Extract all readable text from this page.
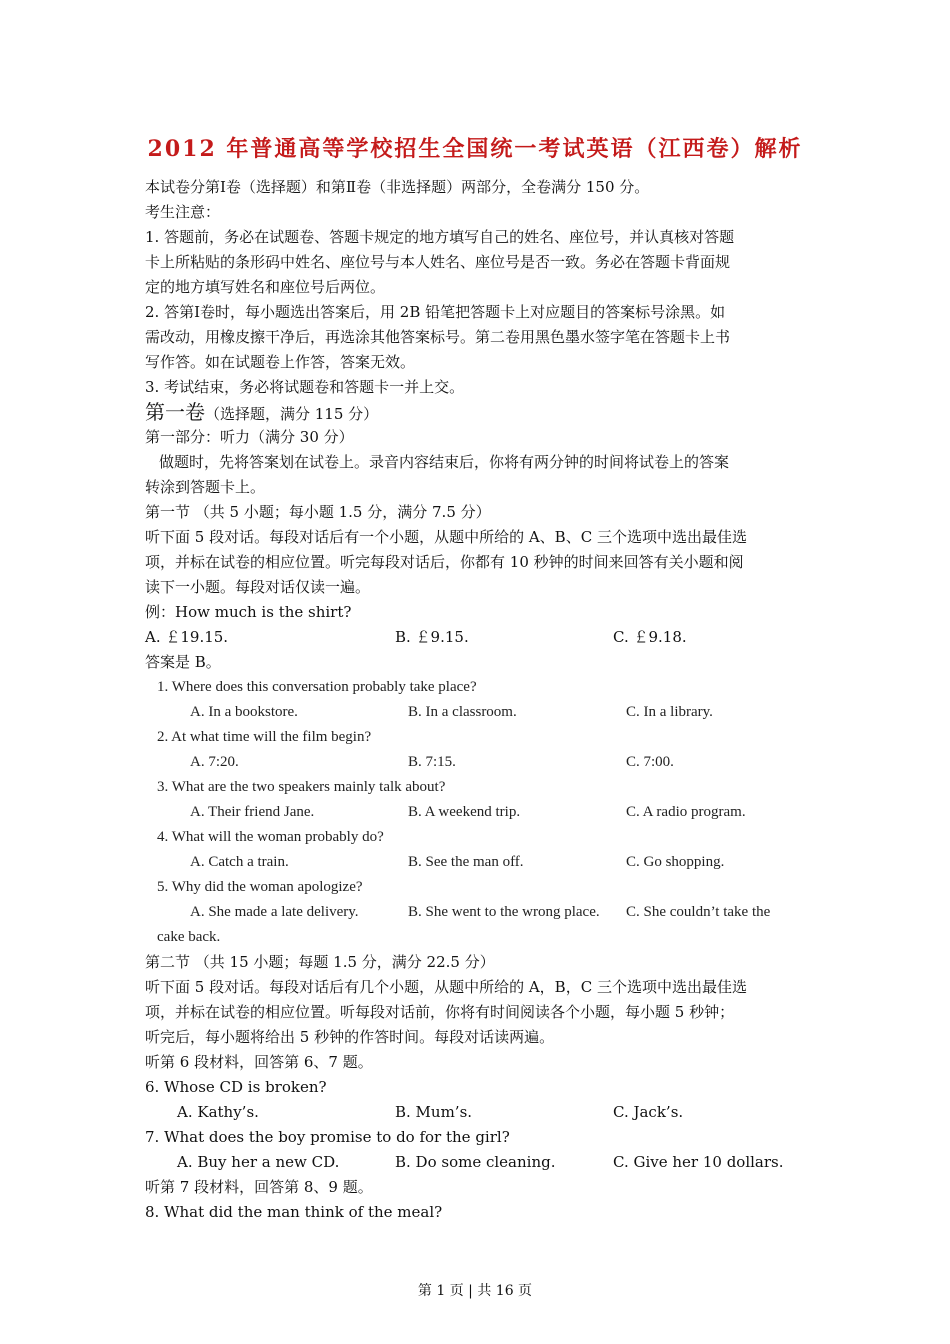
2012 年普通高等学校招生全国统一考试英语（江西卷）解析
本试卷分第Ⅰ卷（选择题）和第Ⅱ卷（非选择题）两部分，全卷满分 150 分。
考生注意：
1. 答题前，务必在试题卷、答题卡规定的地方填写自己的姓名、座位号，并认真核对答题
卡上所粘贴的条形码中姓名、座位号与本人姓名、座位号是否一致。务必在答题卡背面规
定的地方填写姓名和座位号后两位。
2. 答第Ⅰ卷时，每小题选出答案后，用 2B 铅笔把答题卡上对应题目的答案标号涂黑。如
需改动，用橡皮擦干净后，再选涂其他答案标号。第二卷用黑色墨水签字笔在答题卡上书
写作答。如在试题卷上作答，答案无效。
3. 考试结束，务必将试题卷和答题卡一并上交。
第一卷（选择题，满分 115 分）
第一部分：听力（满分 30 分）
做题时，先将答案划在试卷上。录音内容结束后，你将有两分钟的时间将试卷上的答案
转涂到答题卡上。
第一节 （共 5 小题；每小题 1.5 分，满分 7.5 分）
听下面 5 段对话。每段对话后有一个小题，从题中所给的 A、B、C 三个选项中选出最佳选
项，并标在试卷的相应位置。听完每段对话后，你都有 10 秒钟的时间来回答有关小题和阅
读下一小题。每段对话仅读一遍。
例：How much is the shirt?
A. ￡19.15.	B. ￡9.15.	C. ￡9.18.
答案是 B。
1. Where does this conversation probably take place?
A. In a bookstore.	B. In a classroom.	C. In a library.
2. At what time will the film begin?
A. 7:20.	B. 7:15.	C. 7:00.
3. What are the two speakers mainly talk about?
A. Their friend Jane.	B. A weekend trip.	C. A radio program.
4. What will the woman probably do?
A. Catch a train.	B. See the man off.	C. Go shopping.
5. Why did the woman apologize?
A. She made a late delivery.	B. She went to the wrong place. C. She couldn’t take the
cake back.
第二节 （共 15 小题；每题 1.5 分，满分 22.5 分）
听下面 5 段对话。每段对话后有几个小题，从题中所给的 A，B，C 三个选项中选出最佳选
项，并标在试卷的相应位置。听每段对话前，你将有时间阅读各个小题，每小题 5 秒钟；
听完后，每小题将给出 5 秒钟的作答时间。每段对话读两遍。
听第 6 段材料，回答第 6、7 题。
6. Whose CD is broken?
A. Kathy’s.	B. Mum’s.	C. Jack’s.
7. What does the boy promise to do for the girl?
A. Buy her a new CD.	B. Do some cleaning.	C. Give her 10 dollars.
听第 7 段材料，回答第 8、9 题。
8. What did the man think of the meal?
第 1 页 | 共 16 页
